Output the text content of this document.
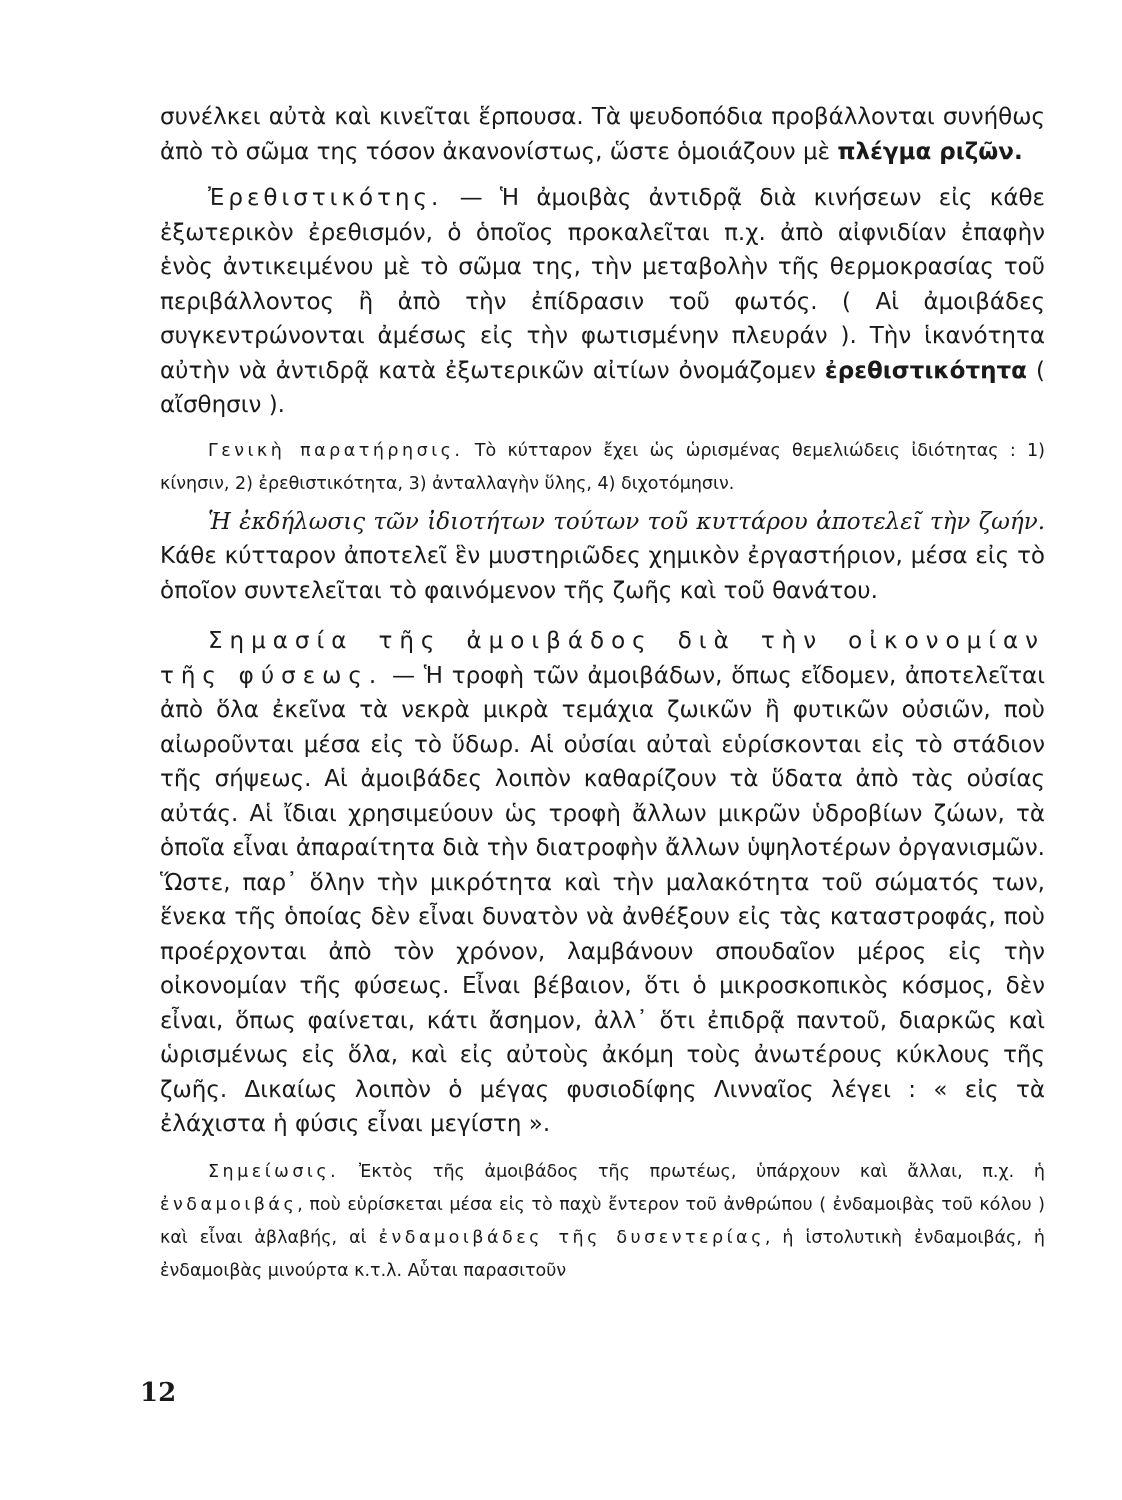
συνέλκει αὐτὰ καὶ κινεῖται ἕρπουσα. Τὰ ψευδοπόδια προβάλλονται συνήθως ἀπὸ τὸ σῶμα της τόσον ἀκανονίστως, ὥστε ὁμοιάζουν μὲ πλέγμα ριζῶν.

Ἐρεθιστικότης. — Ἡ ἀμοιβὰς ἀντιδρᾷ διὰ κινήσεων εἰς κάθε ἐξωτερικὸν ἐρεθισμόν, ὁ ὁποῖος προκαλεῖται π.χ. ἀπὸ αἰφνιδίαν ἐπαφὴν ἑνὸς ἀντικειμένου μὲ τὸ σῶμα της, τὴν μεταβολὴν τῆς θερμοκρασίας τοῦ περιβάλλοντος ἢ ἀπὸ τὴν ἐπίδρασιν τοῦ φωτός. ( Αἱ ἀμοιβάδες συγκεντρώνονται ἀμέσως εἰς τὴν φωτισμένην πλευράν ). Τὴν ἱκανότητα αὐτὴν νὰ ἀντιδρᾷ κατὰ ἐξωτερικῶν αἰτίων ὀνομάζομεν ἐρεθιστικότητα ( αἴσθησιν ).

Γενικὴ παρατήρησις. Τὸ κύτταρον ἔχει ὡς ὡρισμένας θεμελιώδεις ἰδιότητας : 1) κίνησιν, 2) ἐρεθιστικότητα, 3) ἀνταλλαγὴν ὕλης, 4) διχοτόμησιν.

Ἡ ἐκδήλωσις τῶν ἰδιοτήτων τούτων τοῦ κυττάρου ἀποτελεῖ τὴν ζωήν. Κάθε κύτταρον ἀποτελεῖ ἓν μυστηριῶδες χημικὸν ἐργαστήριον, μέσα εἰς τὸ ὁποῖον συντελεῖται τὸ φαινόμενον τῆς ζωῆς καὶ τοῦ θανάτου.

Σημασία τῆς ἀμοιβάδος διὰ τὴν οἰκονομίαν τῆς φύσεως. — Ἡ τροφὴ τῶν ἀμοιβάδων, ὅπως εἴδομεν, ἀποτελεῖται ἀπὸ ὅλα ἐκεῖνα τὰ νεκρὰ μικρὰ τεμάχια ζωικῶν ἢ φυτικῶν οὐσιῶν, ποὺ αἰωροῦνται μέσα εἰς τὸ ὕδωρ. Αἱ οὐσίαι αὐταὶ εὑρίσκονται εἰς τὸ στάδιον τῆς σήψεως. Αἱ ἀμοιβάδες λοιπὸν καθαρίζουν τὰ ὕδατα ἀπὸ τὰς οὐσίας αὐτάς. Αἱ ἴδιαι χρησιμεύουν ὡς τροφὴ ἄλλων μικρῶν ὑδροβίων ζώων, τὰ ὁποῖα εἶναι ἀπαραίτητα διὰ τὴν διατροφὴν ἄλλων ὑψηλοτέρων ὀργανισμῶν. Ὥστε, παρ᾽ ὅλην τὴν μικρότητα καὶ τὴν μαλακότητα τοῦ σώματός των, ἕνεκα τῆς ὁποίας δὲν εἶναι δυνατὸν νὰ ἀνθέξουν εἰς τὰς καταστροφάς, ποὺ προέρχονται ἀπὸ τὸν χρόνον, λαμβάνουν σπουδαῖον μέρος εἰς τὴν οἰκονομίαν τῆς φύσεως. Εἶναι βέβαιον, ὅτι ὁ μικροσκοπικὸς κόσμος, δὲν εἶναι, ὅπως φαίνεται, κάτι ἄσημον, ἀλλ᾽ ὅτι ἐπιδρᾷ παντοῦ, διαρκῶς καὶ ὡρισμένως εἰς ὅλα, καὶ εἰς αὐτοὺς ἀκόμη τοὺς ἀνωτέρους κύκλους τῆς ζωῆς. Δικαίως λοιπὸν ὁ μέγας φυσιοδίφης Λινναῖος λέγει : « εἰς τὰ ἐλάχιστα ἡ φύσις εἶναι μεγίστη ».

Σημείωσις. Ἐκτὸς τῆς ἀμοιβάδος τῆς πρωτέως, ὑπάρχουν καὶ ἄλλαι, π.χ. ἡ ἐνδαμοιβάς, ποὺ εὑρίσκεται μέσα εἰς τὸ παχὺ ἔντερον τοῦ ἀνθρώπου ( ἐνδαμοιβὰς τοῦ κόλου ) καὶ εἶναι ἀβλαβής, αἱ ἐνδαμοιβάδες τῆς δυσεντερίας, ἡ ἱστολυτικὴ ἐνδαμοιβάς, ἡ ἐνδαμοιβὰς μινούρτα κ.τ.λ. Αὗται παρασιτοῦν

12
